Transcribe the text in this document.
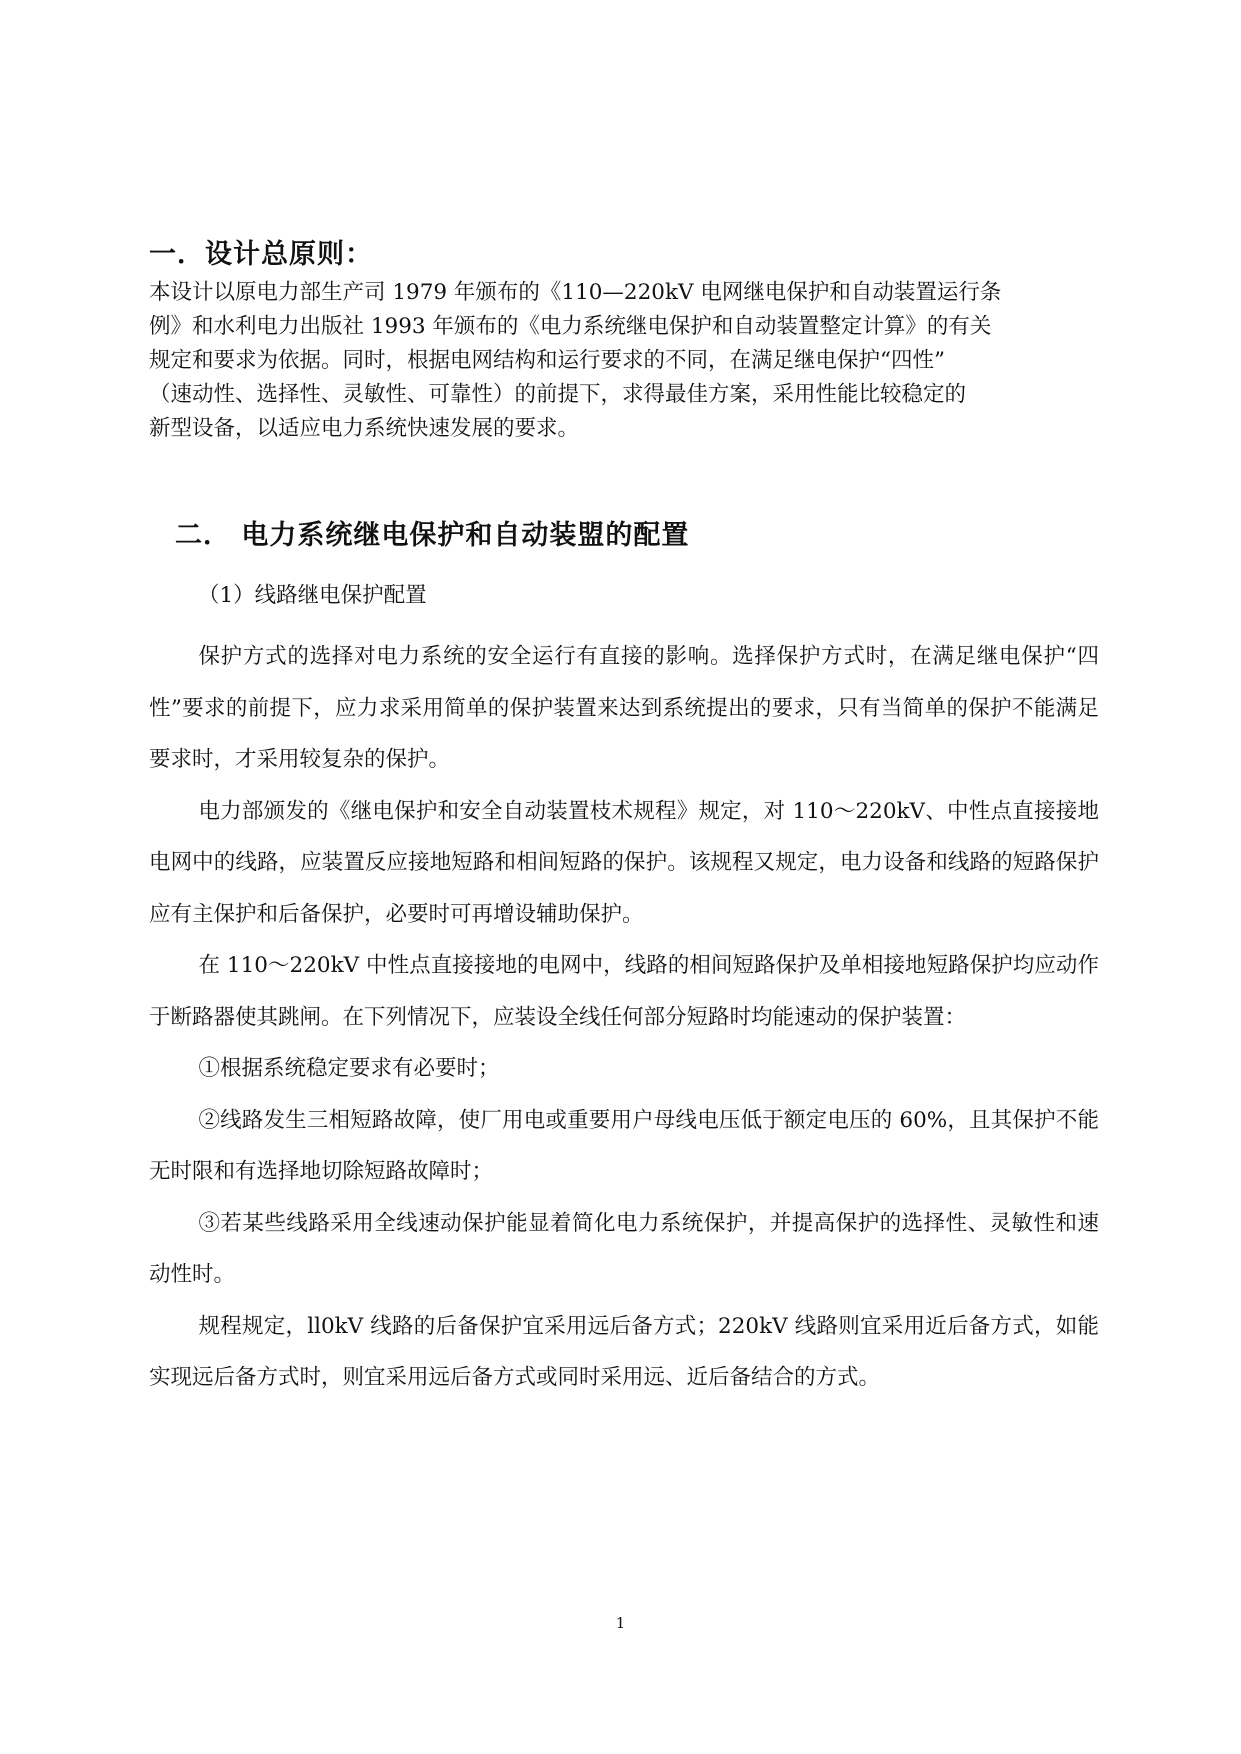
一．设计总原则：

本设计以原电力部生产司 1979 年颁布的《110—220kV 电网继电保护和自动装置运行条

例》和水利电力出版社 1993 年颁布的《电力系统继电保护和自动装置整定计算》的有关

规定和要求为依据。同时，根据电网结构和运行要求的不同，在满足继电保护“四性”

（速动性、选择性、灵敏性、可靠性）的前提下，求得最佳方案，采用性能比较稳定的

新型设备，以适应电力系统快速发展的要求。

二． 电力系统继电保护和自动装盟的配置
（1）线路继电保护配置

保护方式的选择对电力系统的安全运行有直接的影响。选择保护方式时，在满足继电保护“四性”要求的前提下，应力求采用简单的保护装置来达到系统提出的要求，只有当简单的保护不能满足要求时，才采用较复杂的保护。

电力部颁发的《继电保护和安全自动装置枝术规程》规定，对 110～220kV、中性点直接接地电网中的线路，应装置反应接地短路和相间短路的保护。该规程又规定，电力设备和线路的短路保护应有主保护和后备保护，必要时可再增设辅助保护。

在 110～220kV 中性点直接接地的电网中，线路的相间短路保护及单相接地短路保护均应动作于断路器使其跳闸。在下列情况下，应装设全线任何部分短路时均能速动的保护装置：

①根据系统稳定要求有必要时；

②线路发生三相短路故障，使厂用电或重要用户母线电压低于额定电压的 60%，且其保护不能无时限和有选择地切除短路故障时；

③若某些线路采用全线速动保护能显着简化电力系统保护，并提高保护的选择性、灵敏性和速动性时。

规程规定，ll0kV 线路的后备保护宜采用远后备方式；220kV 线路则宜采用近后备方式，如能实现远后备方式时，则宜采用远后备方式或同时采用远、近后备结合的方式。

1
